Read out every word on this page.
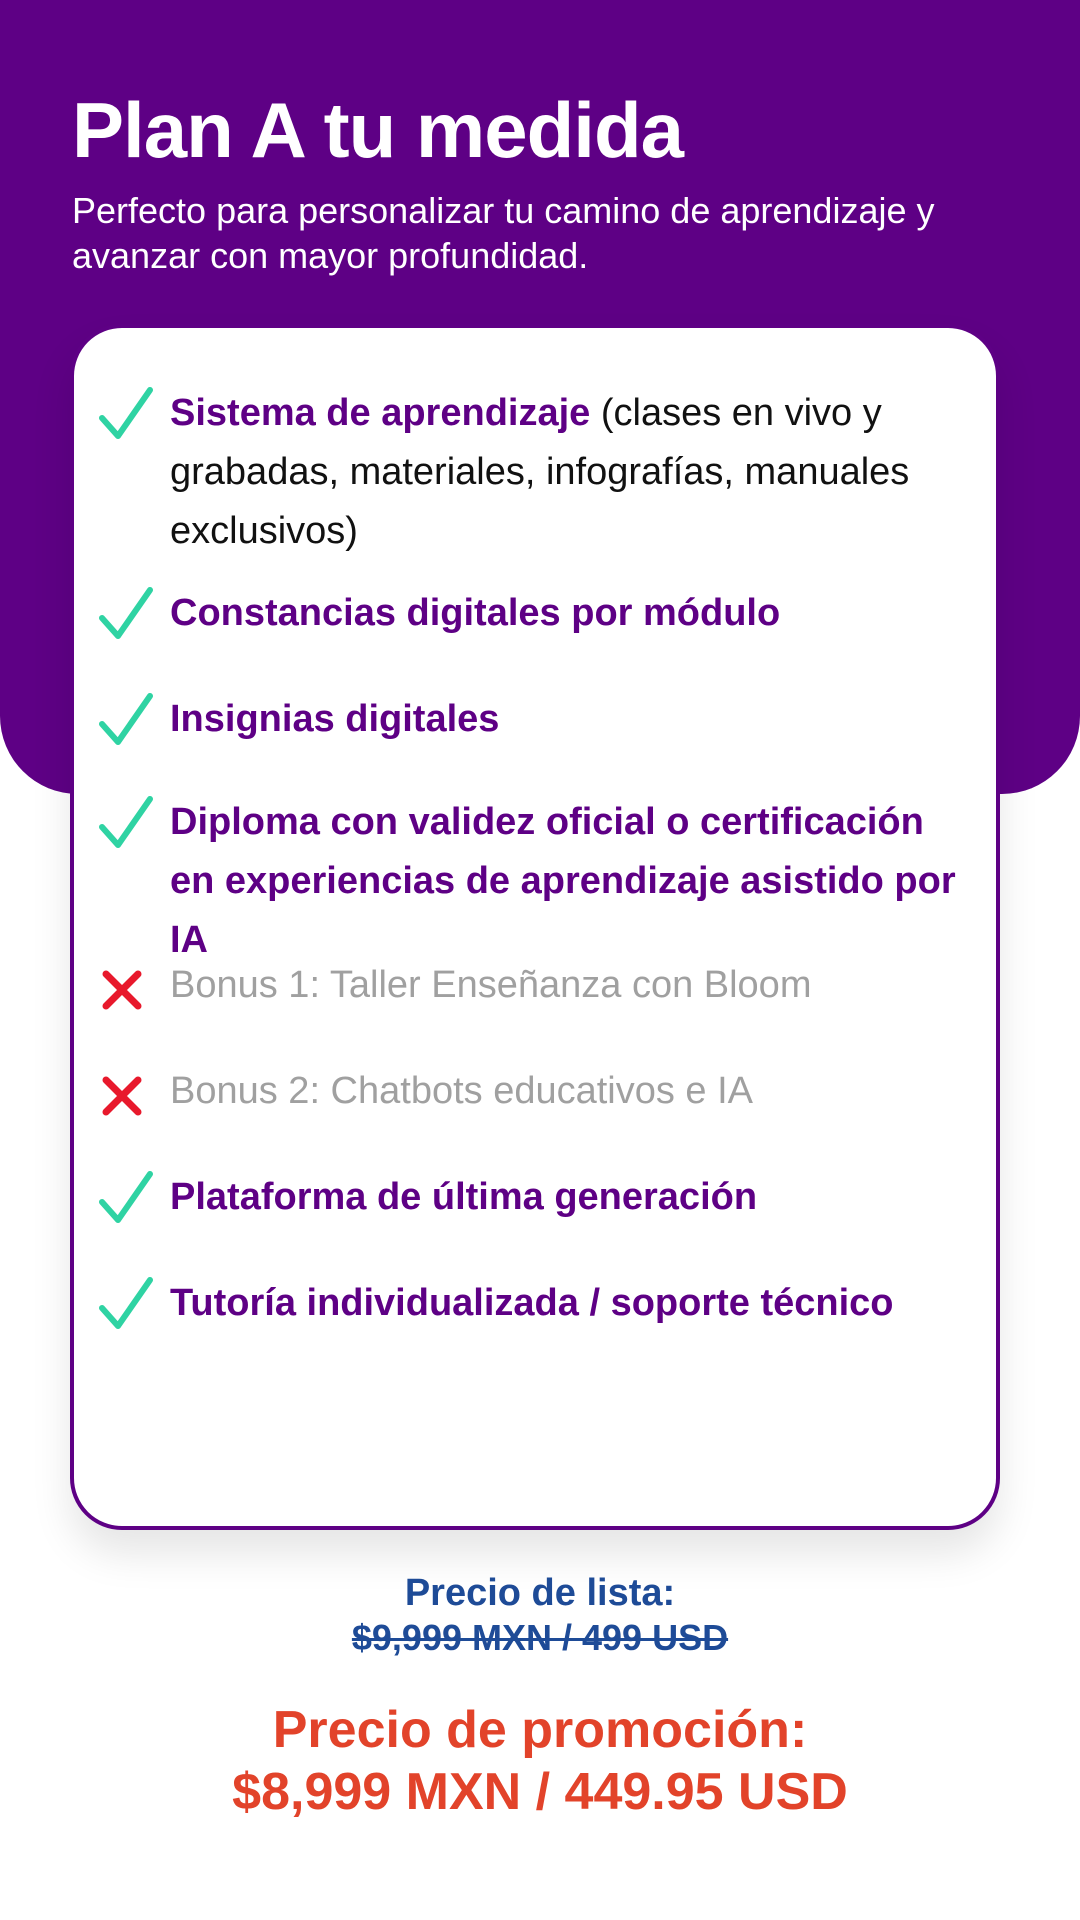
Plan A tu medida

Perfecto para personalizar tu camino de aprendizaje y avanzar con mayor profundidad.

Sistema de aprendizaje (clases en vivo y grabadas, materiales, infografías, manuales exclusivos)
Constancias digitales por módulo
Insignias digitales
Diploma con validez oficial o certificación en experiencias de aprendizaje asistido por IA
Bonus 1: Taller Enseñanza con Bloom
Bonus 2: Chatbots educativos e IA
Plataforma de última generación
Tutoría individualizada / soporte técnico

Precio de lista:

$9,999 MXN / 499 USD

Precio de promoción:

$8,999 MXN / 449.95 USD
